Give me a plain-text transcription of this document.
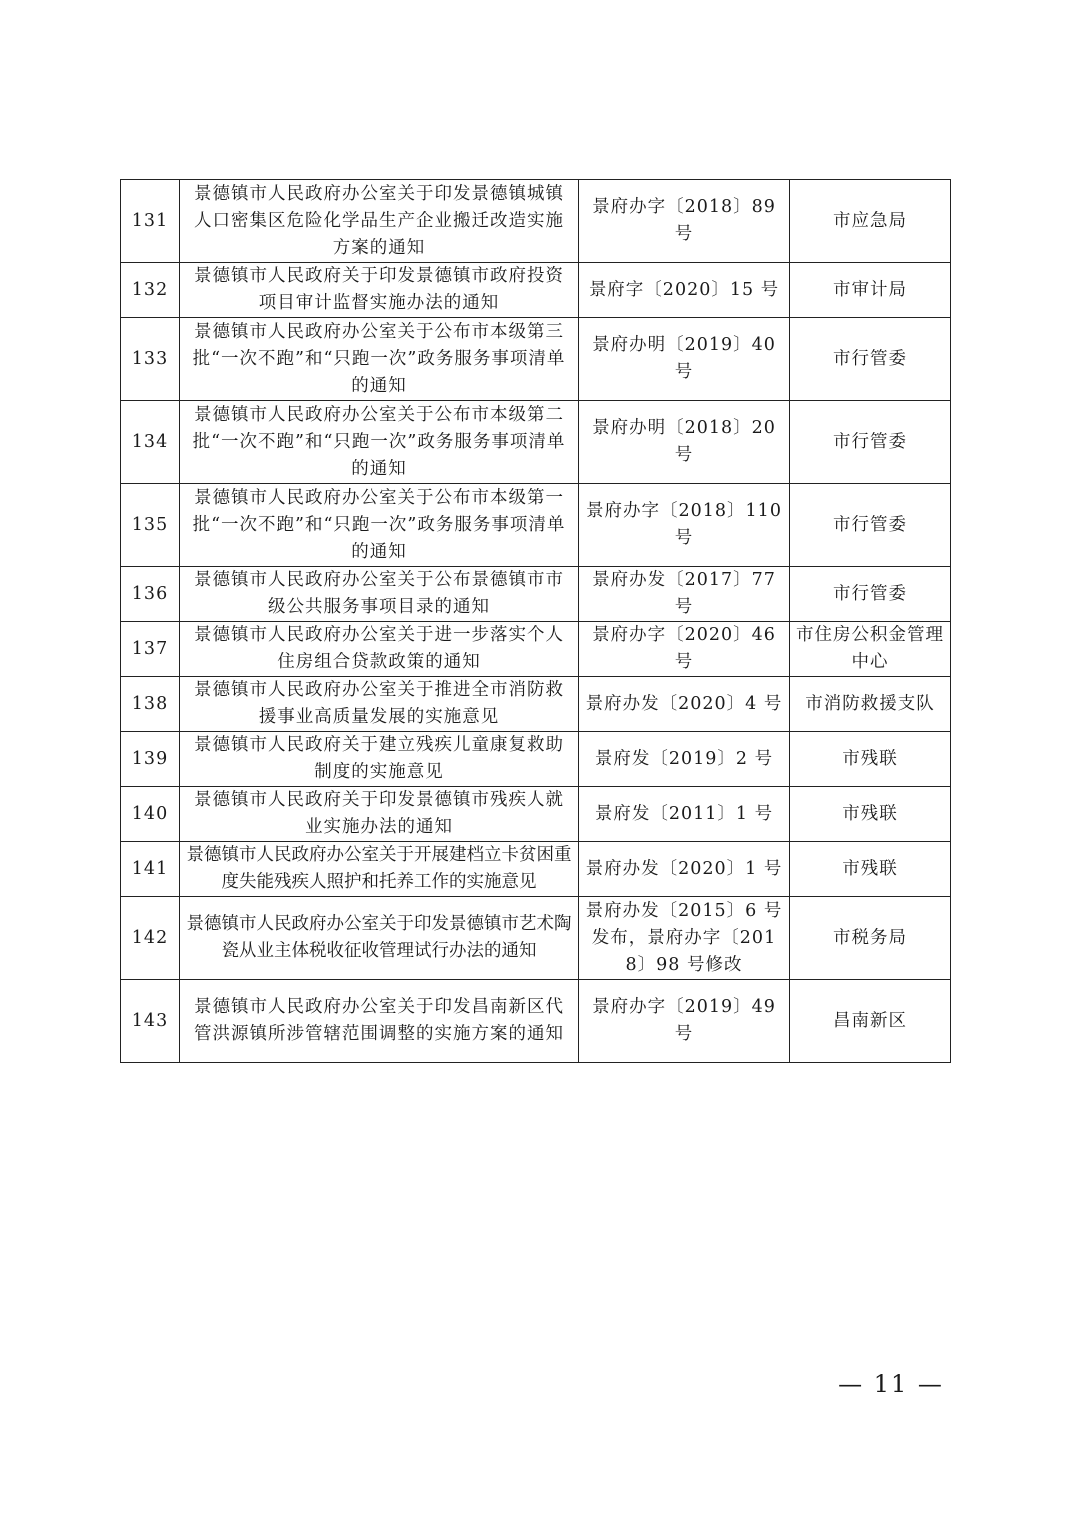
131	景德镇市人民政府办公室关于印发景德镇城镇人口密集区危险化学品生产企业搬迁改造实施方案的通知	景府办字〔2018〕89 号	市应急局
132	景德镇市人民政府关于印发景德镇市政府投资项目审计监督实施办法的通知	景府字〔2020〕15 号	市审计局
133	景德镇市人民政府办公室关于公布市本级第三批“一次不跑”和“只跑一次”政务服务事项清单的通知	景府办明〔2019〕40 号	市行管委
134	景德镇市人民政府办公室关于公布市本级第二批“一次不跑”和“只跑一次”政务服务事项清单的通知	景府办明〔2018〕20 号	市行管委
135	景德镇市人民政府办公室关于公布市本级第一批“一次不跑”和“只跑一次”政务服务事项清单的通知	景府办字〔2018〕110 号	市行管委
136	景德镇市人民政府办公室关于公布景德镇市市级公共服务事项目录的通知	景府办发〔2017〕77 号	市行管委
137	景德镇市人民政府办公室关于进一步落实个人住房组合贷款政策的通知	景府办字〔2020〕46 号	市住房公积金管理中心
138	景德镇市人民政府办公室关于推进全市消防救援事业高质量发展的实施意见	景府办发〔2020〕4 号	市消防救援支队
139	景德镇市人民政府关于建立残疾儿童康复救助制度的实施意见	景府发〔2019〕2 号	市残联
140	景德镇市人民政府关于印发景德镇市残疾人就业实施办法的通知	景府发〔2011〕1 号	市残联
141	景德镇市人民政府办公室关于开展建档立卡贫困重度失能残疾人照护和托养工作的实施意见	景府办发〔2020〕1 号	市残联
142	景德镇市人民政府办公室关于印发景德镇市艺术陶瓷从业主体税收征收管理试行办法的通知	景府办发〔2015〕6 号发布，景府办字〔2018〕98 号修改	市税务局
143	景德镇市人民政府办公室关于印发昌南新区代管洪源镇所涉管辖范围调整的实施方案的通知	景府办字〔2019〕49 号	昌南新区
— 11 —
